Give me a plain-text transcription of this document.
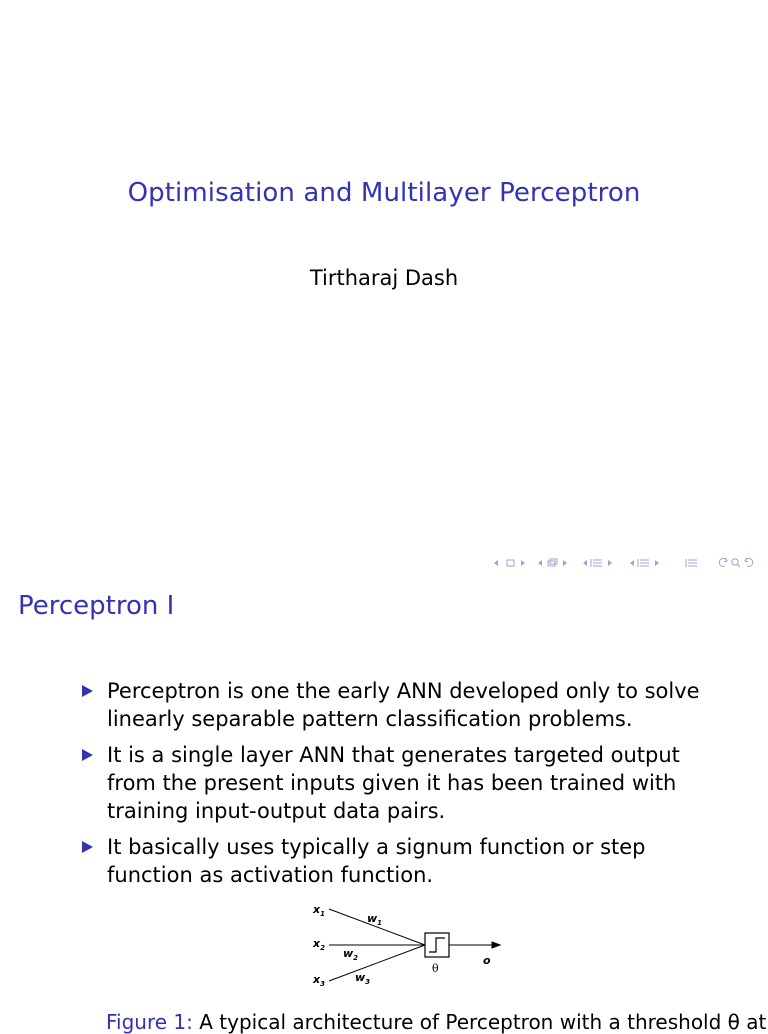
Optimisation and Multilayer Perceptron
Tirtharaj Dash
Perceptron I
Perceptron is one the early ANN developed only to solve linearly separable pattern classification problems.
It is a single layer ANN that generates targeted output from the present inputs given it has been trained with training input-output data pairs.
It basically uses typically a signum function or step function as activation function.
$x_1$
$x_2$
$x_3$
$w_1$
$w_2$
$w_3$
θ
o
Figure 1: A typical architecture of Perceptron with a threshold θ at
